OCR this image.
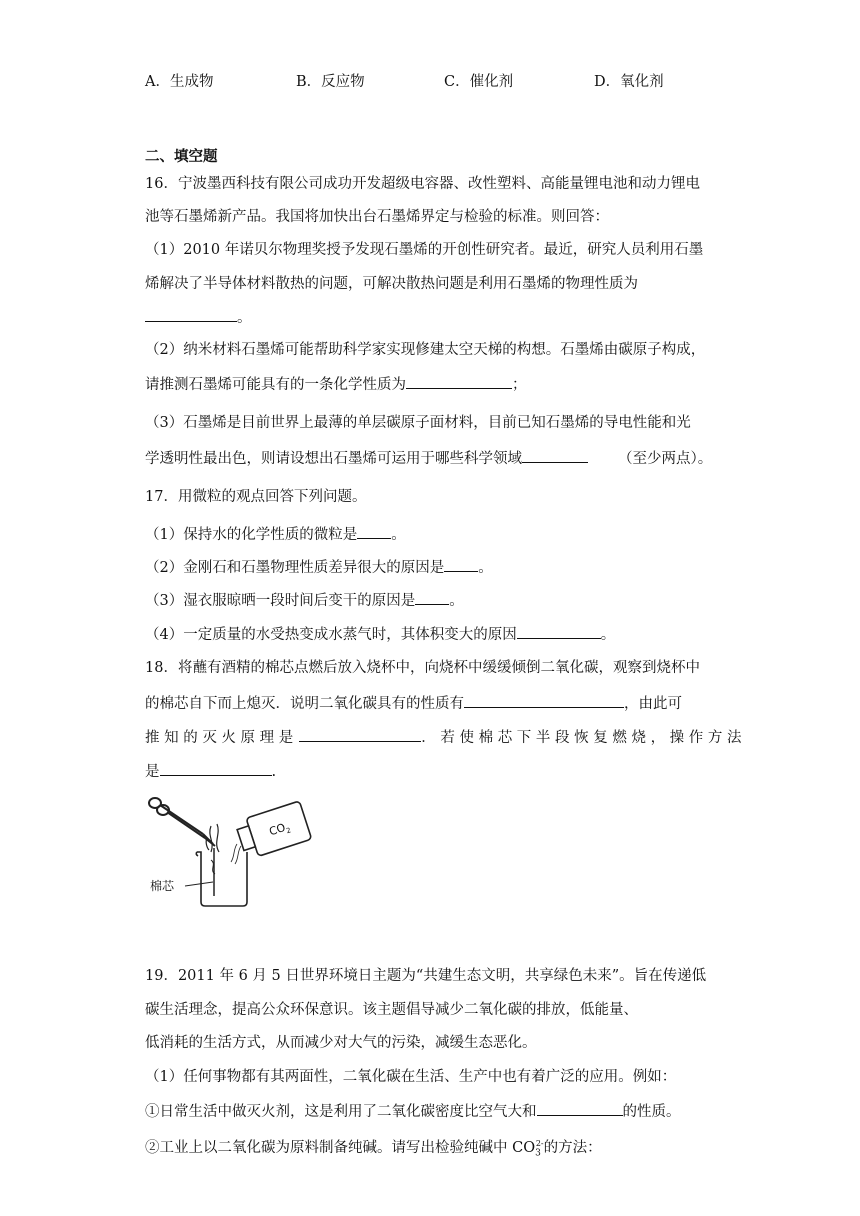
A．生成物	B．反应物	C．催化剂	D．氧化剂
二、填空题
16．宁波墨西科技有限公司成功开发超级电容器、改性塑料、高能量锂电池和动力锂电
池等石墨烯新产品。我国将加快出台石墨烯界定与检验的标准。则回答：
（1）2010 年诺贝尔物理奖授予发现石墨烯的开创性研究者。最近，研究人员利用石墨
烯解决了半导体材料散热的问题，可解决散热问题是利用石墨烯的物理性质为
。
（2）纳米材料石墨烯可能帮助科学家实现修建太空天梯的构想。石墨烯由碳原子构成，
请推测石墨烯可能具有的一条化学性质为	；
（3）石墨烯是目前世界上最薄的单层碳原子面材料，目前已知石墨烯的导电性能和光
学透明性最出色，则请设想出石墨烯可运用于哪些科学领域	（至少两点）。
17．用微粒的观点回答下列问题。
（1）保持水的化学性质的微粒是 。
（2）金刚石和石墨物理性质差异很大的原因是 。
（3）湿衣服晾晒一段时间后变干的原因是 。
（4）一定质量的水受热变成水蒸气时，其体积变大的原因	。
18．将蘸有酒精的棉芯点燃后放入烧杯中，向烧杯中缓缓倾倒二氧化碳，观察到烧杯中
的棉芯自下而上熄灭．说明二氧化碳具有的性质有	，由此可
推 知 的 灭 火 原 理 是	． 若 使 棉 芯 下 半 段 恢 复 燃 烧 ， 操 作 方 法
是	.
$CO_2$
棉芯
19．2011 年 6 月 5 日世界环境日主题为“共建生态文明，共享绿色未来”。旨在传递低
碳生活理念，提高公众环保意识。该主题倡导减少二氧化碳的排放，低能量、
低消耗的生活方式，从而减少对大气的污染，减缓生态恶化。
（1）任何事物都有其两面性，二氧化碳在生活、生产中也有着广泛的应用。例如：
①日常生活中做灭火剂，这是利用了二氧化碳密度比空气大和	的性质。
②工业上以二氧化碳为原料制备纯碱。请写出检验纯碱中 $CO_3^{2-}$的方法：
